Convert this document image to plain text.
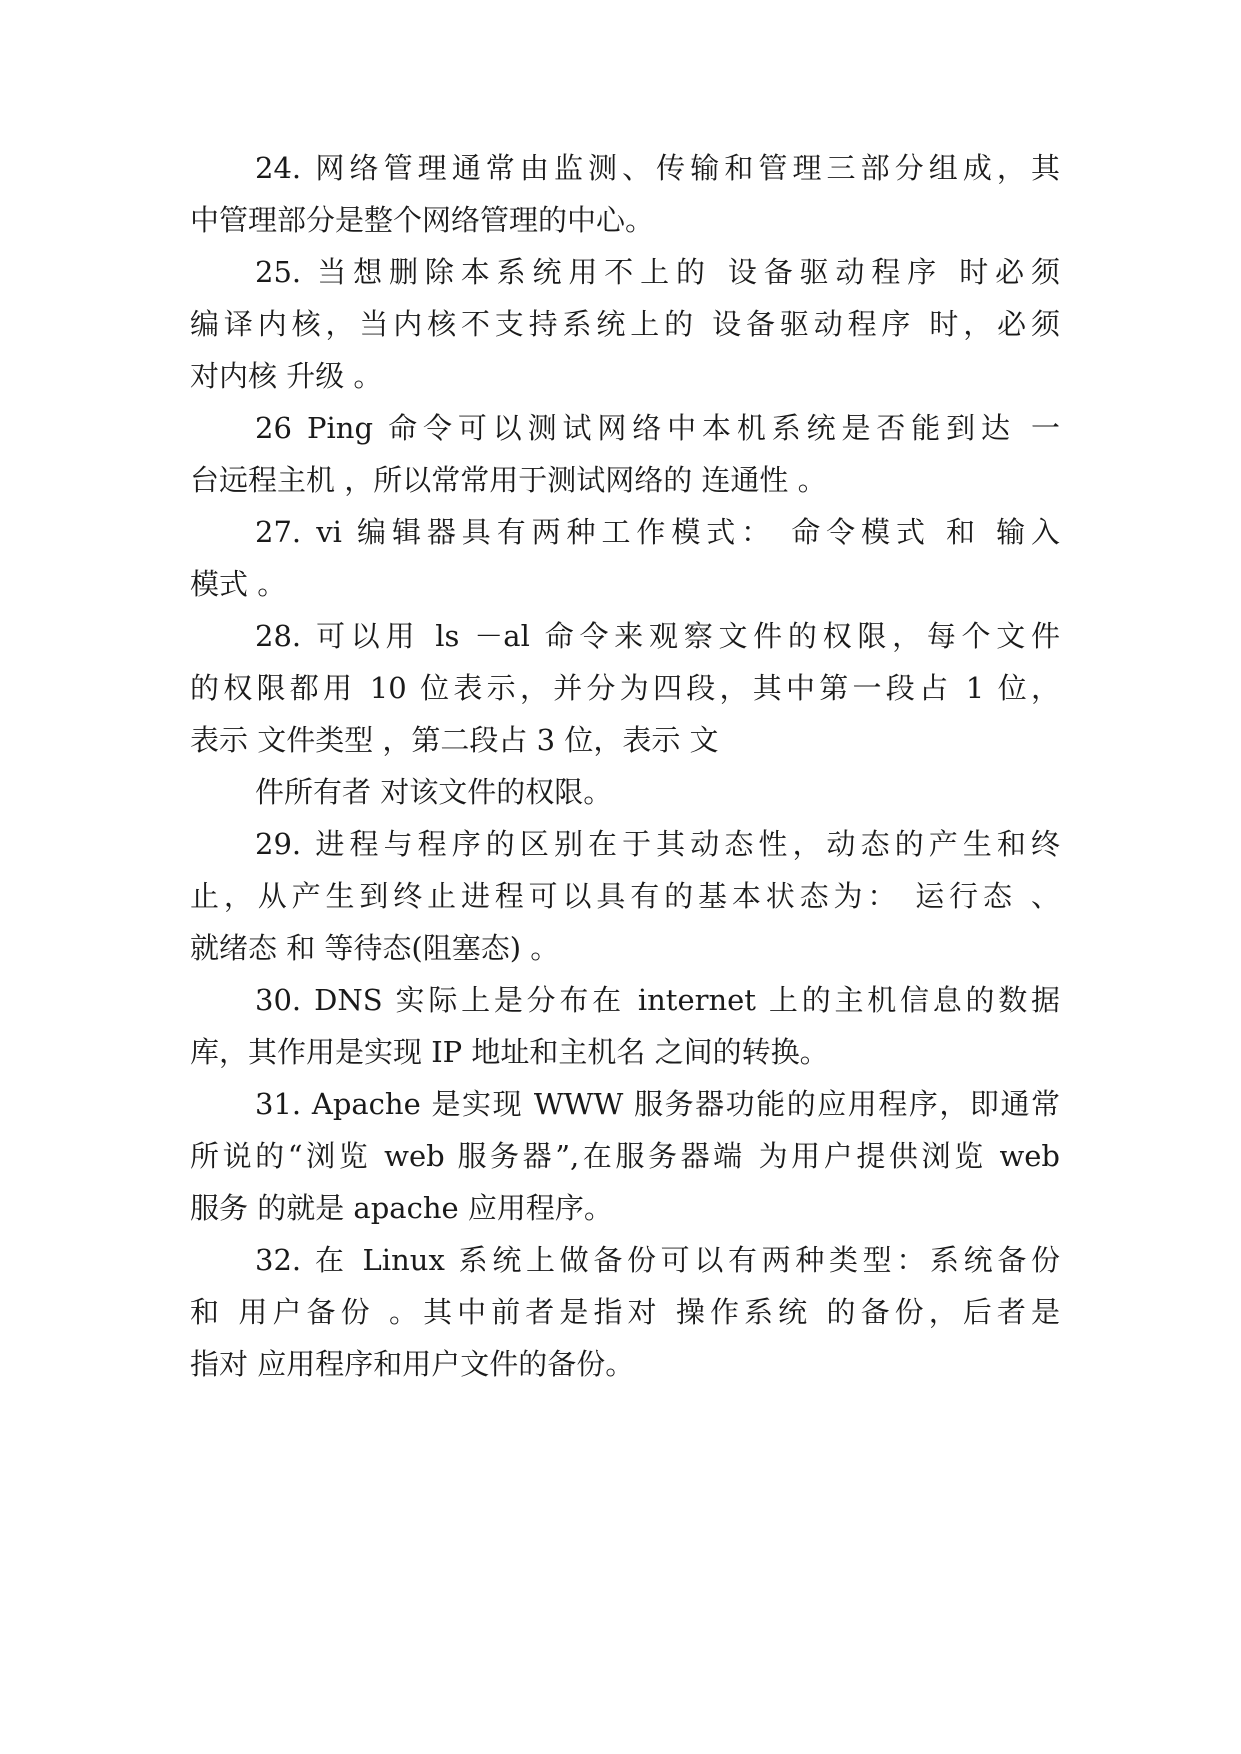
24. 网络管理通常由监测、传输和管理三部分组成，其
中管理部分是整个网络管理的中心。
25. 当想删除本系统用不上的 设备驱动程序 时必须
编译内核，当内核不支持系统上的 设备驱动程序 时，必须
对内核 升级 。
26 Ping 命令可以测试网络中本机系统是否能到达 一
台远程主机 ，所以常常用于测试网络的 连通性 。
27. vi 编辑器具有两种工作模式： 命令模式 和 输入
模式 。
28. 可以用 ls －al 命令来观察文件的权限，每个文件
的权限都用 10 位表示，并分为四段，其中第一段占 1 位，
表示 文件类型 ，第二段占 3 位，表示 文
件所有者 对该文件的权限。
29. 进程与程序的区别在于其动态性，动态的产生和终
止，从产生到终止进程可以具有的基本状态为： 运行态 、
就绪态 和 等待态(阻塞态) 。
30. DNS 实际上是分布在 internet 上的主机信息的数据
库，其作用是实现 IP 地址和主机名 之间的转换。
31. Apache 是实现 WWW 服务器功能的应用程序，即通常
所说的“浏览 web 服务器”,在服务器端 为用户提供浏览 web
服务 的就是 apache 应用程序。
32. 在 Linux 系统上做备份可以有两种类型：系统备份
和 用户备份 。其中前者是指对 操作系统 的备份，后者是
指对 应用程序和用户文件的备份。
